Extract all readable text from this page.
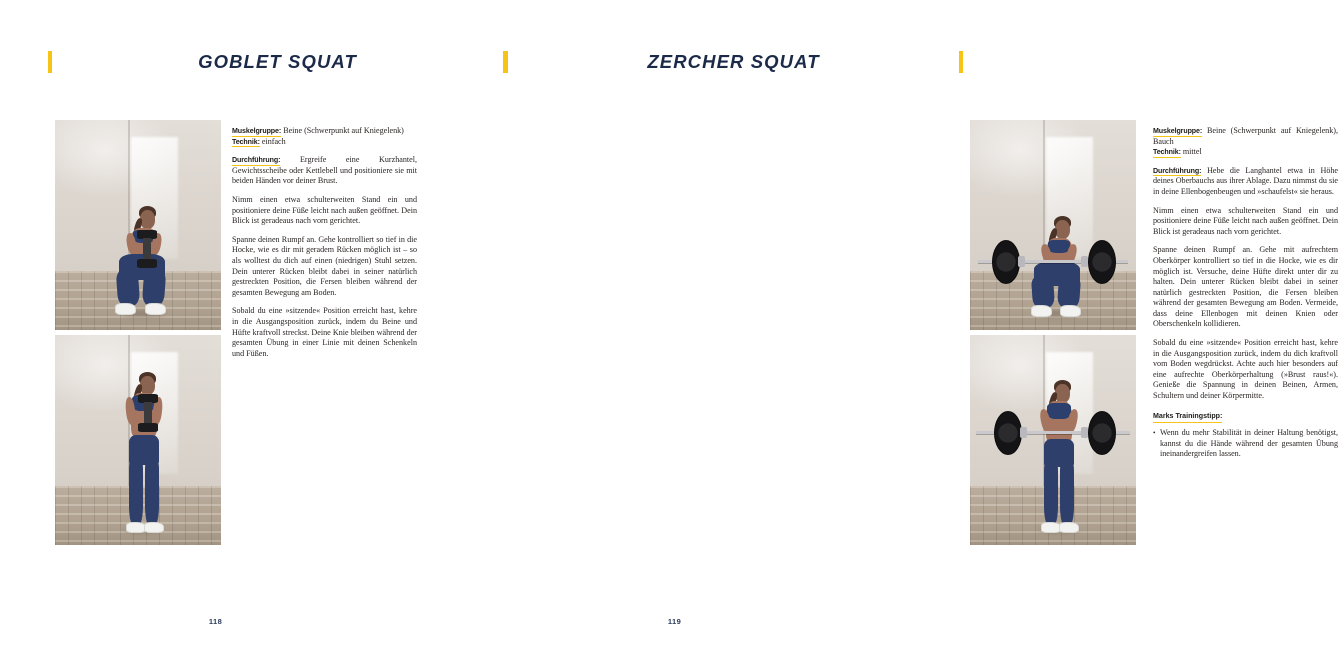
GOBLET SQUAT

Muskelgruppe: Beine (Schwerpunkt auf Kniegelenk)

Technik: einfach

Durchführung: Ergreife eine Kurzhantel, Gewichtsscheibe oder Kettlebell und positioniere sie mit beiden Händen vor deiner Brust.

Nimm einen etwa schulterweiten Stand ein und positioniere deine Füße leicht nach außen geöffnet. Dein Blick ist geradeaus nach vorn gerichtet.

Spanne deinen Rumpf an. Gehe kontrolliert so tief in die Hocke, wie es dir mit geradem Rücken möglich ist – so als wolltest du dich auf einen (niedrigen) Stuhl setzen. Dein unterer Rücken bleibt dabei in seiner natürlich gestreckten Position, die Fersen bleiben während der gesamten Bewegung am Boden.

Sobald du eine »sitzende« Position erreicht hast, kehre in die Ausgangsposition zurück, indem du Beine und Hüfte kraftvoll streckst. Deine Knie bleiben während der gesamten Übung in einer Linie mit deinen Schenkeln und Füßen.

118
ZERCHER SQUAT

Muskelgruppe: Beine (Schwerpunkt auf Kniegelenk), Bauch

Technik: mittel

Durchführung: Hebe die Langhantel etwa in Höhe deines Oberbauchs aus ihrer Ablage. Dazu nimmst du sie in deine Ellenbogenbeugen und »schaufelst« sie heraus.

Nimm einen etwa schulterweiten Stand ein und positioniere deine Füße leicht nach außen geöffnet. Dein Blick ist geradeaus nach vorn gerichtet.

Spanne deinen Rumpf an. Gehe mit aufrechtem Oberkörper kontrolliert so tief in die Hocke, wie es dir möglich ist. Versuche, deine Hüfte direkt unter dir zu halten. Dein unterer Rücken bleibt dabei in seiner natürlich gestreckten Position, die Fersen bleiben während der gesamten Bewegung am Boden. Vermeide, dass deine Ellenbogen mit deinen Knien oder Oberschenkeln kollidieren.

Sobald du eine »sitzende« Position erreicht hast, kehre in die Ausgangsposition zurück, indem du dich kraftvoll vom Boden wegdrückst. Achte auch hier besonders auf eine aufrechte Oberkörperhaltung (»Brust raus!«). Genieße die Spannung in deinen Beinen, Armen, Schultern und deiner Körpermitte.

Marks Trainingstipp:
• Wenn du mehr Stabilität in deiner Haltung benötigst, kannst du die Hände während der gesamten Übung ineinandergreifen lassen.
119
